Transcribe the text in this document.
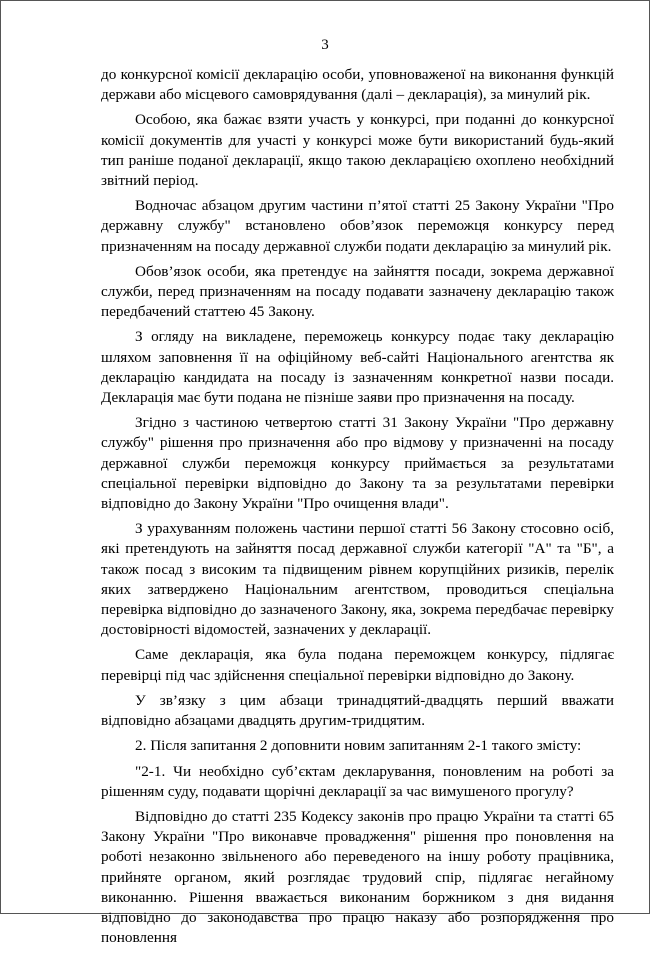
3

до конкурсної комісії декларацію особи, уповноваженої на виконання функцій держави або місцевого самоврядування (далі – декларація), за минулий рік.

Особою, яка бажає взяти участь у конкурсі, при поданні до конкурсної комісії документів для участі у конкурсі може бути використаний будь-який тип раніше поданої декларації, якщо такою декларацією охоплено необхідний звітний період.

Водночас абзацом другим частини п’ятої статті 25 Закону України "Про державну службу" встановлено обов’язок переможця конкурсу перед призначенням на посаду державної служби подати декларацію за минулий рік.

Обов’язок особи, яка претендує на зайняття посади, зокрема державної служби, перед призначенням на посаду подавати зазначену декларацію також передбачений статтею 45 Закону.

З огляду на викладене, переможець конкурсу подає таку декларацію шляхом заповнення її на офіційному веб-сайті Національного агентства як декларацію кандидата на посаду із зазначенням конкретної назви посади. Декларація має бути подана не пізніше заяви про призначення на посаду.

Згідно з частиною четвертою статті 31 Закону України "Про державну службу" рішення про призначення або про відмову у призначенні на посаду державної служби переможця конкурсу приймається за результатами спеціальної перевірки відповідно до Закону та за результатами перевірки відповідно до Закону України "Про очищення влади".

З урахуванням положень частини першої статті 56 Закону стосовно осіб, які претендують на зайняття посад державної служби категорії "А" та "Б", а також посад з високим та підвищеним рівнем корупційних ризиків, перелік яких затверджено Національним агентством, проводиться спеціальна перевірка відповідно до зазначеного Закону, яка, зокрема передбачає перевірку достовірності відомостей, зазначених у декларації.

Саме декларація, яка була подана переможцем конкурсу, підлягає перевірці під час здійснення спеціальної перевірки відповідно до Закону.

У зв’язку з цим абзаци тринадцятий-двадцять перший вважати відповідно абзацами двадцять другим-тридцятим.

2. Після запитання 2 доповнити новим запитанням 2-1 такого змісту:

"2-1. Чи необхідно суб’єктам декларування, поновленим на роботі за рішенням суду, подавати щорічні декларації за час вимушеного прогулу?

Відповідно до статті 235 Кодексу законів про працю України та статті 65 Закону України "Про виконавче провадження" рішення про поновлення на роботі незаконно звільненого або переведеного на іншу роботу працівника, прийняте органом, який розглядає трудовий спір, підлягає негайному виконанню. Рішення вважається виконаним боржником з дня видання відповідно до законодавства про працю наказу або розпорядження про поновлення
